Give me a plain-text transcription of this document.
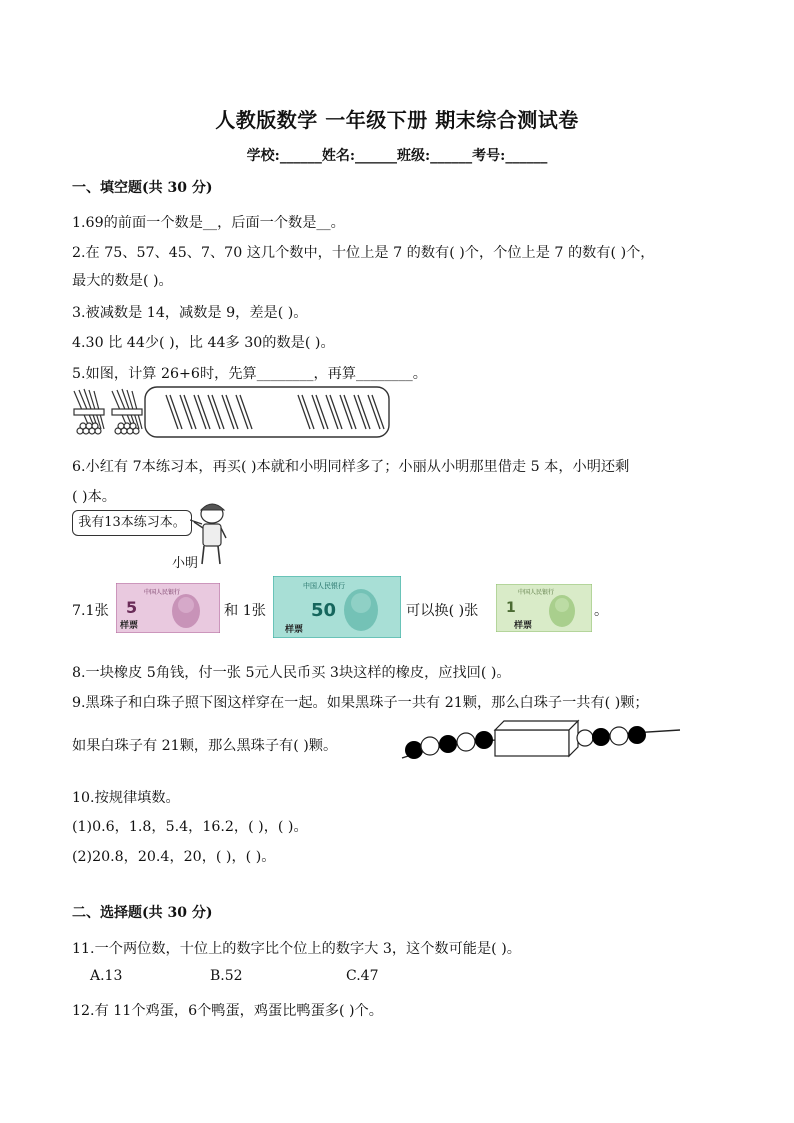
人教版数学 一年级下册 期末综合测试卷
学校:______姓名:______班级:______考号:______
一、填空题(共 30 分)
1.69的前面一个数是__，后面一个数是__。
2.在 75、57、45、7、70 这几个数中，十位上是 7 的数有( )个，个位上是 7 的数有( )个，
最大的数是( )。
3.被减数是 14，减数是 9，差是( )。
4.30 比 44少( )，比 44多 30的数是( )。
5.如图，计算 26+6时，先算________，再算________。
6.小红有 7本练习本，再买( )本就和小明同样多了；小丽从小明那里借走 5 本，小明还剩
( )本。
我有13本练习本。
小明
7.1张
中国人民银行
5
样票
和 1张
中国人民银行
50
样票
可以换( )张
中国人民银行
1
样票
。
8.一块橡皮 5角钱，付一张 5元人民币买 3块这样的橡皮，应找回( )。
9.黑珠子和白珠子照下图这样穿在一起。如果黑珠子一共有 21颗，那么白珠子一共有( )颗；
如果白珠子有 21颗，那么黑珠子有( )颗。
10.按规律填数。
(1)0.6，1.8，5.4，16.2，( )，( )。
(2)20.8，20.4，20，( )，( )。
二、选择题(共 30 分)
11.一个两位数，十位上的数字比个位上的数字大 3，这个数可能是( )。
A.13	B.52	C.47
12.有 11个鸡蛋，6个鸭蛋，鸡蛋比鸭蛋多( )个。
